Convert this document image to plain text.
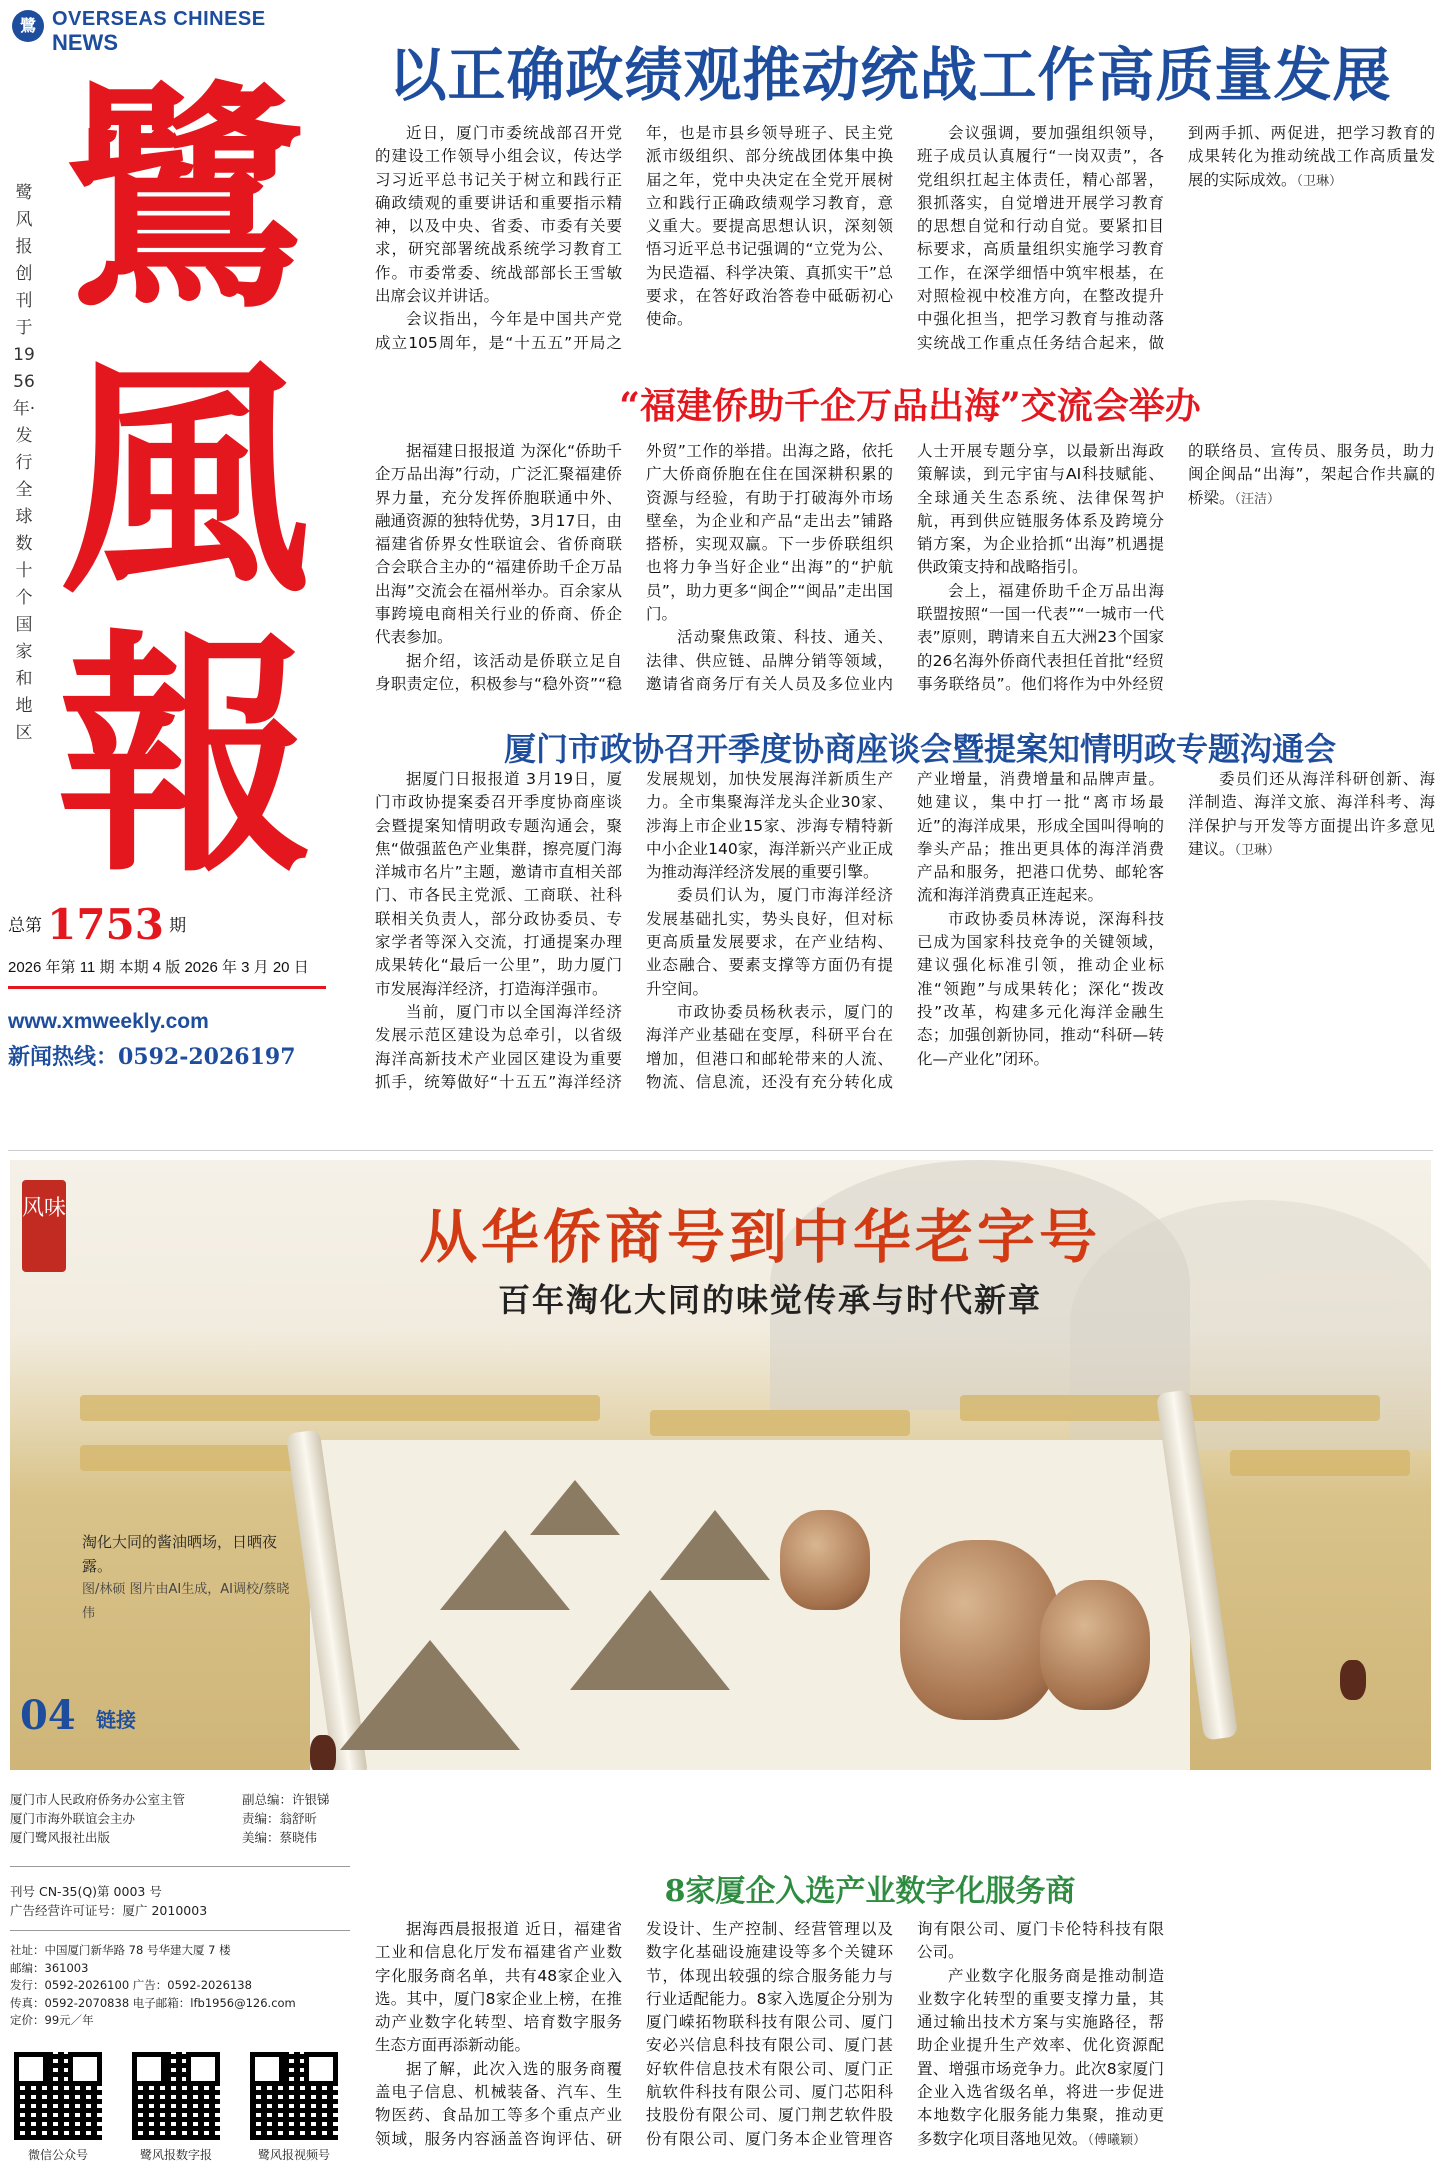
鷺 OVERSEAS CHINESE
NEWS
鹭风报创刊于1956年·发行全球数十个国家和地区
鷺
風
報
总第 1753 期
2026 年第 11 期 本期 4 版 2026 年 3 月 20 日
www.xmweekly.com
新闻热线：0592-2026197
以正确政绩观推动统战工作高质量发展

近日，厦门市委统战部召开党的建设工作领导小组会议，传达学习习近平总书记关于树立和践行正确政绩观的重要讲话和重要指示精神，以及中央、省委、市委有关要求，研究部署统战系统学习教育工作。市委常委、统战部部长王雪敏出席会议并讲话。

会议指出，今年是中国共产党成立105周年，是“十五五”开局之年，也是市县乡领导班子、民主党派市级组织、部分统战团体集中换届之年，党中央决定在全党开展树立和践行正确政绩观学习教育，意义重大。要提高思想认识，深刻领悟习近平总书记强调的“立党为公、为民造福、科学决策、真抓实干”总要求，在答好政治答卷中砥砺初心使命。

会议强调，要加强组织领导，班子成员认真履行“一岗双责”，各党组织扛起主体责任，精心部署，狠抓落实，自觉增进开展学习教育的思想自觉和行动自觉。要紧扣目标要求，高质量组织实施学习教育工作，在深学细悟中筑牢根基，在对照检视中校准方向，在整改提升中强化担当，把学习教育与推动落实统战工作重点任务结合起来，做到两手抓、两促进，把学习教育的成果转化为推动统战工作高质量发展的实际成效。（卫琳）

“福建侨助千企万品出海”交流会举办

据福建日报报道 为深化“侨助千企万品出海”行动，广泛汇聚福建侨界力量，充分发挥侨胞联通中外、融通资源的独特优势，3月17日，由福建省侨界女性联谊会、省侨商联合会联合主办的“福建侨助千企万品出海”交流会在福州举办。百余家从事跨境电商相关行业的侨商、侨企代表参加。

据介绍，该活动是侨联立足自身职责定位，积极参与“稳外资”“稳外贸”工作的举措。出海之路，依托广大侨商侨胞在住在国深耕积累的资源与经验，有助于打破海外市场壁垒，为企业和产品“走出去”铺路搭桥，实现双赢。下一步侨联组织也将力争当好企业“出海”的“护航员”，助力更多“闽企”“闽品”走出国门。

活动聚焦政策、科技、通关、法律、供应链、品牌分销等领域，邀请省商务厅有关人员及多位业内人士开展专题分享，以最新出海政策解读，到元宇宙与AI科技赋能、全球通关生态系统、法律保驾护航，再到供应链服务体系及跨境分销方案，为企业拾抓“出海”机遇提供政策支持和战略指引。

会上，福建侨助千企万品出海联盟按照“一国一代表”“一城市一代表”原则，聘请来自五大洲23个国家的26名海外侨商代表担任首批“经贸事务联络员”。他们将作为中外经贸的联络员、宣传员、服务员，助力闽企闽品“出海”，架起合作共赢的桥梁。（汪洁）

厦门市政协召开季度协商座谈会暨提案知情明政专题沟通会

据厦门日报报道 3月19日，厦门市政协提案委召开季度协商座谈会暨提案知情明政专题沟通会，聚焦“做强蓝色产业集群，擦亮厦门海洋城市名片”主题，邀请市直相关部门、市各民主党派、工商联、社科联相关负责人，部分政协委员、专家学者等深入交流，打通提案办理成果转化“最后一公里”，助力厦门市发展海洋经济，打造海洋强市。

当前，厦门市以全国海洋经济发展示范区建设为总牵引，以省级海洋高新技术产业园区建设为重要抓手，统筹做好“十五五”海洋经济发展规划，加快发展海洋新质生产力。全市集聚海洋龙头企业30家、涉海上市企业15家、涉海专精特新中小企业140家，海洋新兴产业正成为推动海洋经济发展的重要引擎。

委员们认为，厦门市海洋经济发展基础扎实，势头良好，但对标更高质量发展要求，在产业结构、业态融合、要素支撑等方面仍有提升空间。

市政协委员杨秋表示，厦门的海洋产业基础在变厚，科研平台在增加，但港口和邮轮带来的人流、物流、信息流，还没有充分转化成产业增量，消费增量和品牌声量。她建议，集中打一批“离市场最近”的海洋成果，形成全国叫得响的拳头产品；推出更具体的海洋消费产品和服务，把港口优势、邮轮客流和海洋消费真正连起来。

市政协委员林涛说，深海科技已成为国家科技竞争的关键领域，建议强化标准引领，推动企业标准“领跑”与成果转化；深化“拨改投”改革，构建多元化海洋金融生态；加强创新协同，推动“科研—转化—产业化”闭环。

委员们还从海洋科研创新、海洋制造、海洋文旅、海洋科考、海洋保护与开发等方面提出许多意见建议。（卫琳）

风味	从华侨商号到中华老字号
百年淘化大同的味觉传承与时代新章
淘化大同的酱油晒场，日晒夜露。
图/林硕 图片由AI生成，AI调校/蔡晓伟
04 链接
厦门市人民政府侨务办公室主管
厦门市海外联谊会主办
厦门鹭风报社出版
副总编：许银锑
责编：翁舒昕
美编：蔡晓伟
刊号 CN-35(Q)第 0003 号
广告经营许可证号：厦广 2010003
社址：中国厦门新华路 78 号华建大厦 7 楼
邮编：361003
发行：0592-2026100 广告：0592-2026138
传真：0592-2070838 电子邮箱：lfb1956@126.com
定价：99元／年
微信公众号	鹭风报数字报	鹭风报视频号
8家厦企入选产业数字化服务商

据海西晨报报道 近日，福建省工业和信息化厅发布福建省产业数字化服务商名单，共有48家企业入选。其中，厦门8家企业上榜，在推动产业数字化转型、培育数字服务生态方面再添新动能。

据了解，此次入选的服务商覆盖电子信息、机械装备、汽车、生物医药、食品加工等多个重点产业领域，服务内容涵盖咨询评估、研发设计、生产控制、经营管理以及数字化基础设施建设等多个关键环节，体现出较强的综合服务能力与行业适配能力。8家入选厦企分别为厦门嵘拓物联科技有限公司、厦门安必兴信息科技有限公司、厦门甚好软件信息技术有限公司、厦门正航软件科技有限公司、厦门芯阳科技股份有限公司、厦门荆艺软件股份有限公司、厦门务本企业管理咨询有限公司、厦门卡伦特科技有限公司。

产业数字化服务商是推动制造业数字化转型的重要支撑力量，其通过输出技术方案与实施路径，帮助企业提升生产效率、优化资源配置、增强市场竞争力。此次8家厦门企业入选省级名单，将进一步促进本地数字化服务能力集聚，推动更多数字化项目落地见效。（傅曦颖）
